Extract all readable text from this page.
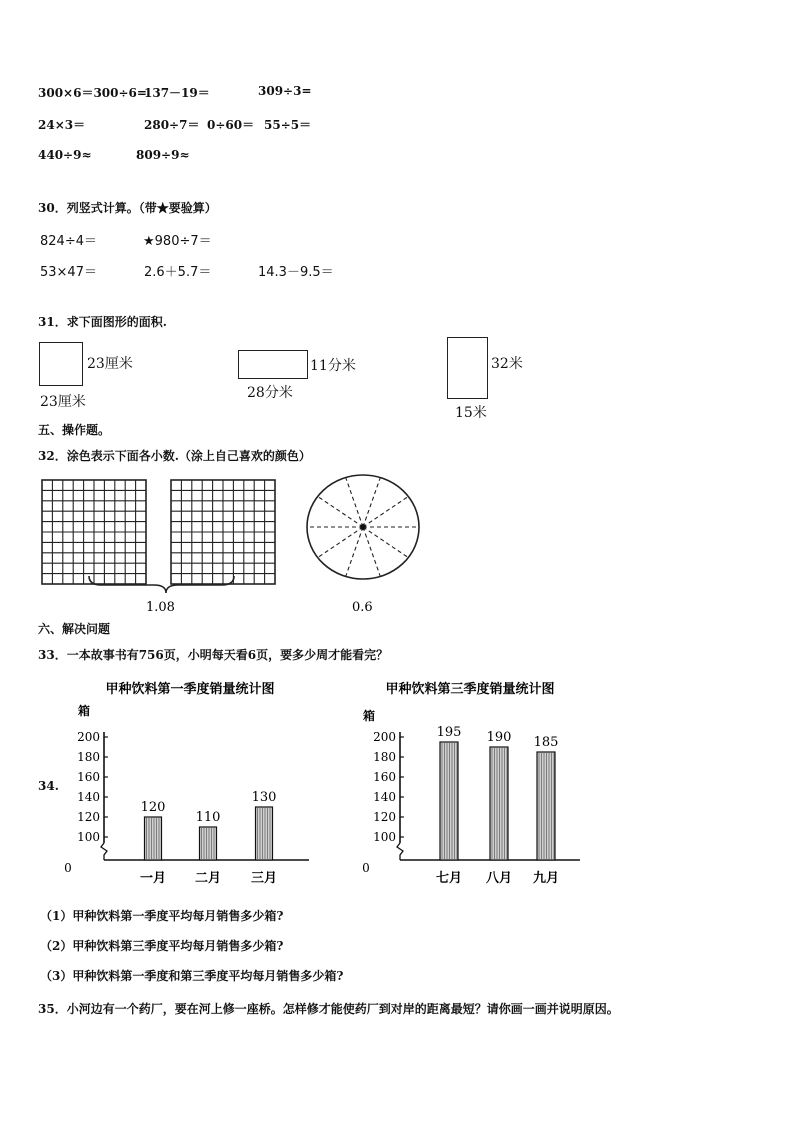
300×6＝300÷6=
137－19＝	309÷3=
24×3＝	280÷7＝ 0÷60＝ 55÷5＝
440÷9≈	809÷9≈
30．列竖式计算。（带★要验算）
824÷4＝	★980÷7＝
53×47＝	2.6＋5.7＝	14.3－9.5＝
31．求下面图形的面积.
23厘米
23厘米
11分米
28分米
32米
15米
五、操作题。
32．涂色表示下面各小数.（涂上自己喜欢的颜色）
1.08	0.6
六、解决问题
33．一本故事书有756页，小明每天看6页，要多少周才能看完？
34.
甲种饮料第一季度销量统计图
箱
100
120
140
160
180
200
0
120
一月
110
二月
130
三月
甲种饮料第三季度销量统计图
箱
100
120
140
160
180
200
0
195
七月
190
八月
185
九月
（1）甲种饮料第一季度平均每月销售多少箱?
（2）甲种饮料第三季度平均每月销售多少箱?
（3）甲种饮料第一季度和第三季度平均每月销售多少箱?
35．小河边有一个药厂，要在河上修一座桥。怎样修才能使药厂到对岸的距离最短？请你画一画并说明原因。
